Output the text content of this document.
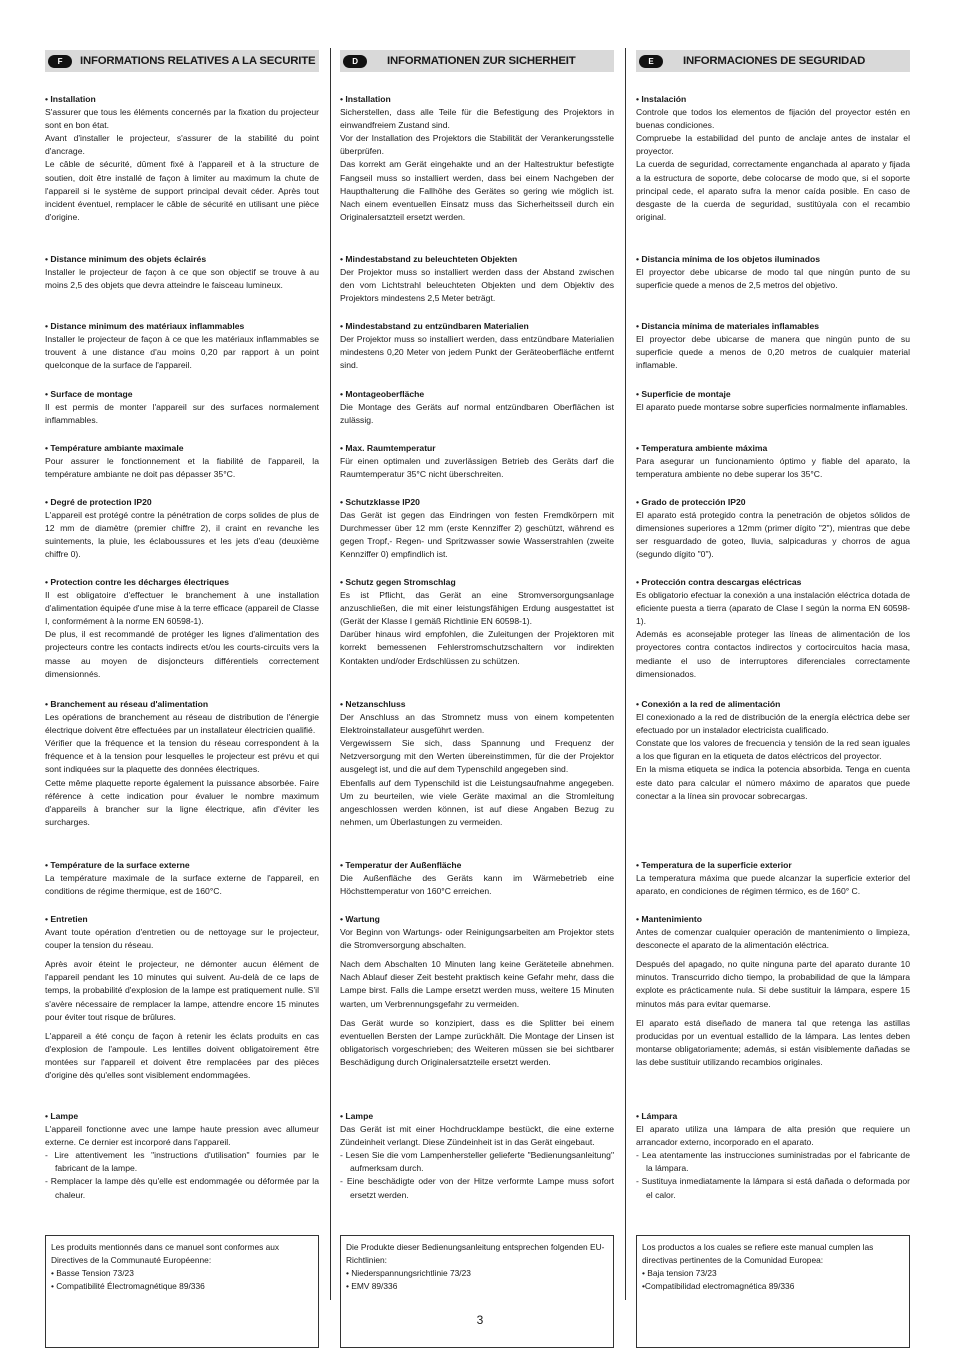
F	INFORMATIONS RELATIVES A LA SECURITE
• Installation

S'assurer que tous les éléments concernés par la fixation du projecteur sont en bon état.

Avant d'installer le projecteur, s'assurer de la stabilité du point d'ancrage.

Le câble de sécurité, dûment fixé à l'appareil et à la structure de soutien, doit être installé de façon à limiter au maximum la chute de l'appareil si le système de support principal devait céder. Après tout incident éventuel, remplacer le câble de sécurité en utilisant une pièce d'origine.

• Distance minimum des objets éclairés

Installer le projecteur de façon à ce que son objectif se trouve à au moins 2,5 des objets que devra atteindre le faisceau lumineux.

• Distance minimum des matériaux inflammables

Installer le projecteur de façon à ce que les matériaux inflammables se trouvent à une distance d'au moins 0,20 par rapport à un point quelconque de la surface de l'appareil.

• Surface de montage

Il est permis de monter l'appareil sur des surfaces normalement inflammables.

• Température ambiante maximale

Pour assurer le fonctionnement et la fiabilité de l'appareil, la température ambiante ne doit pas dépasser 35°C.

• Degré de protection IP20

L'appareil est protégé contre la pénétration de corps solides de plus de 12 mm de diamètre (premier chiffre 2), il craint en revanche les suintements, la pluie, les éclaboussures et les jets d'eau (deuxième chiffre 0).

• Protection contre les décharges électriques

Il est obligatoire d'effectuer le branchement à une installation d'alimentation équipée d'une mise à la terre efficace (appareil de Classe I, conformément à la norme EN 60598-1).

De plus, il est recommandé de protéger les lignes d'alimentation des projecteurs contre les contacts indirects et/ou les courts-circuits vers la masse au moyen de disjoncteurs différentiels correctement dimensionnés.

• Branchement au réseau d'alimentation

Les opérations de branchement au réseau de distribution de l'énergie électrique doivent être effectuées par un installateur électricien qualifié.

Vérifier que la fréquence et la tension du réseau correspondent à la fréquence et à la tension pour lesquelles le projecteur est prévu et qui sont indiquées sur la plaquette des données électriques.

Cette même plaquette reporte également la puissance absorbée. Faire référence à cette indication pour évaluer le nombre maximum d'appareils à brancher sur la ligne électrique, afin d'éviter les surcharges.

• Température de la surface externe

La température maximale de la surface externe de l'appareil, en conditions de régime thermique, est de 160°C.

• Entretien

Avant toute opération d'entretien ou de nettoyage sur le projecteur, couper la tension du réseau.

Après avoir éteint le projecteur, ne démonter aucun élément de l'appareil pendant les 10 minutes qui suivent. Au-delà de ce laps de temps, la probabilité d'explosion de la lampe est pratiquement nulle. S'il s'avère nécessaire de remplacer la lampe, attendre encore 15 minutes pour éviter tout risque de brûlures.

L'appareil a été conçu de façon à retenir les éclats produits en cas d'explosion de l'ampoule. Les lentilles doivent obligatoirement être montées sur l'appareil et doivent être remplacées par des pièces d'origine dès qu'elles sont visiblement endommagées.

• Lampe

L'appareil fonctionne avec une lampe haute pression avec allumeur externe. Ce dernier est incorporé dans l'appareil.

- Lire attentivement les "instructions d'utilisation" fournies par le fabricant de la lampe.
- Remplacer la lampe dès qu'elle est endommagée ou déformée par la chaleur.

Les produits mentionnés dans ce manuel sont conformes aux Directives de la Communauté Européenne:

• Basse Tension 73/23

• Compatibilité Électromagnétique 89/336

D	INFORMATIONEN ZUR SICHERHEIT
• Installation

Sicherstellen, dass alle Teile für die Befestigung des Projektors in einwandfreiem Zustand sind.

Vor der Installation des Projektors die Stabilität der Verankerungsstelle überprüfen.

Das korrekt am Gerät eingehakte und an der Haltestruktur befestigte Fangseil muss so installiert werden, dass bei einem Nachgeben der Haupthalterung die Fallhöhe des Gerätes so gering wie möglich ist. Nach einem eventuellen Einsatz muss das Sicherheitsseil durch ein Originalersatzteil ersetzt werden.

• Mindestabstand zu beleuchteten Objekten

Der Projektor muss so installiert werden dass der Abstand zwischen den vom Lichtstrahl beleuchteten Objekten und dem Objektiv des Projektors mindestens 2,5 Meter beträgt.

• Mindestabstand zu entzündbaren Materialien

Der Projektor muss so installiert werden, dass entzündbare Materialien mindestens 0,20 Meter von jedem Punkt der Geräteoberfläche entfernt sind.

• Montageoberfläche

Die Montage des Geräts auf normal entzündbaren Oberflächen ist zulässig.

• Max. Raumtemperatur

Für einen optimalen und zuverlässigen Betrieb des Geräts darf die Raumtemperatur 35°C nicht überschreiten.

• Schutzklasse IP20

Das Gerät ist gegen das Eindringen von festen Fremdkörpern mit Durchmesser über 12 mm (erste Kennziffer 2) geschützt, während es gegen Tropf,- Regen- und Spritzwasser sowie Wasserstrahlen (zweite Kennziffer 0) empfindlich ist.

• Schutz gegen Stromschlag

Es ist Pflicht, das Gerät an eine Stromversorgungsanlage anzuschließen, die mit einer leistungsfähigen Erdung ausgestattet ist (Gerät der Klasse I gemäß Richtlinie EN 60598-1).

Darüber hinaus wird empfohlen, die Zuleitungen der Projektoren mit korrekt bemessenen Fehlerstromschutzschaltern vor indirekten Kontakten und/oder Erdschlüssen zu schützen.

• Netzanschluss

Der Anschluss an das Stromnetz muss von einem kompetenten Elektroinstallateur ausgeführt werden.

Vergewissern Sie sich, dass Spannung und Frequenz der Netzversorgung mit den Werten übereinstimmen, für die der Projektor ausgelegt ist, und die auf dem Typenschild angegeben sind.

Ebenfalls auf dem Typenschild ist die Leistungsaufnahme angegeben. Um zu beurteilen, wie viele Geräte maximal an die Stromleitung angeschlossen werden können, ist auf diese Angaben Bezug zu nehmen, um Überlastungen zu vermeiden.

• Temperatur der Außenfläche

Die Außenfläche des Geräts kann im Wärmebetrieb eine Höchsttemperatur von 160°C erreichen.

• Wartung

Vor Beginn von Wartungs- oder Reinigungsarbeiten am Projektor stets die Stromversorgung abschalten.

Nach dem Abschalten 10 Minuten lang keine Geräteteile abnehmen. Nach Ablauf dieser Zeit besteht praktisch keine Gefahr mehr, dass die Lampe birst. Falls die Lampe ersetzt werden muss, weitere 15 Minuten warten, um Verbrennungsgefahr zu vermeiden.

Das Gerät wurde so konzipiert, dass es die Splitter bei einem eventuellen Bersten der Lampe zurückhält. Die Montage der Linsen ist obligatorisch vorgeschrieben; des Weiteren müssen sie bei sichtbarer Beschädigung durch Originalersatzteile ersetzt werden.

• Lampe

Das Gerät ist mit einer Hochdrucklampe bestückt, die eine externe Zündeinheit verlangt. Diese Zündeinheit ist in das Gerät eingebaut.

- Lesen Sie die vom Lampenhersteller gelieferte "Bedienungsanleitung" aufmerksam durch.
- Eine beschädigte oder von der Hitze verformte Lampe muss sofort ersetzt werden.

Die Produkte dieser Bedienungsanleitung entsprechen folgenden EU-Richtlinien:

• Niederspannungsrichtlinie 73/23

• EMV 89/336

E	INFORMACIONES DE SEGURIDAD
• Instalación

Controle que todos los elementos de fijación del proyector estén en buenas condiciones.

Compruebe la estabilidad del punto de anclaje antes de instalar el proyector.

La cuerda de seguridad, correctamente enganchada al aparato y fijada a la estructura de soporte, debe colocarse de modo que, si el soporte principal cede, el aparato sufra la menor caída posible. En caso de desgaste de la cuerda de seguridad, sustitúyala con el recambio original.

• Distancia mínima de los objetos iluminados

El proyector debe ubicarse de modo tal que ningún punto de su superficie quede a menos de 2,5 metros del objetivo.

• Distancia mínima de materiales inflamables

El proyector debe ubicarse de manera que ningún punto de su superficie quede a menos de 0,20 metros de cualquier material inflamable.

• Superficie de montaje

El aparato puede montarse sobre superficies normalmente inflamables.

• Temperatura ambiente máxima

Para asegurar un funcionamiento óptimo y fiable del aparato, la temperatura ambiente no debe superar los 35°C.

• Grado de protección IP20

El aparato está protegido contra la penetración de objetos sólidos de dimensiones superiores a 12mm (primer dígito "2"), mientras que debe ser resguardado de goteo, lluvia, salpicaduras y chorros de agua (segundo dígito "0").

• Protección contra descargas eléctricas

Es obligatorio efectuar la conexión a una instalación eléctrica dotada de eficiente puesta a tierra (aparato de Clase I según la norma EN 60598-1).

Además es aconsejable proteger las líneas de alimentación de los proyectores contra contactos indirectos y cortocircuitos hacia masa, mediante el uso de interruptores diferenciales correctamente dimensionados.

• Conexión a la red de alimentación

El conexionado a la red de distribución de la energía eléctrica debe ser efectuado por un instalador electricista cualificado.

Constate que los valores de frecuencia y tensión de la red sean iguales a los que figuran en la etiqueta de datos eléctricos del proyector.

En la misma etiqueta se indica la potencia absorbida. Tenga en cuenta este dato para calcular el número máximo de aparatos que puede conectar a la línea sin provocar sobrecargas.

• Temperatura de la superficie exterior

La temperatura máxima que puede alcanzar la superficie exterior del aparato, en condiciones de régimen térmico, es de 160° C.

• Mantenimiento

Antes de comenzar cualquier operación de mantenimiento o limpieza, desconecte el aparato de la alimentación eléctrica.

Después del apagado, no quite ninguna parte del aparato durante 10 minutos. Transcurrido dicho tiempo, la probabilidad de que la lámpara explote es prácticamente nula. Si debe sustituir la lámpara, espere 15 minutos más para evitar quemarse.

El aparato está diseñado de manera tal que retenga las astillas producidas por un eventual estallido de la lámpara. Las lentes deben montarse obligatoriamente; además, si están visiblemente dañadas se las debe sustituir utilizando recambios originales.

• Lámpara

El aparato utiliza una lámpara de alta presión que requiere un arrancador externo, incorporado en el aparato.

- Lea atentamente las instrucciones suministradas por el fabricante de la lámpara.
- Sustituya inmediatamente la lámpara si está dañada o deformada por el calor.

Los productos a los cuales se refiere este manual cumplen las directivas pertinentes de la Comunidad Europea:

• Baja tension 73/23

•Compatibilidad electromagnética 89/336

3
